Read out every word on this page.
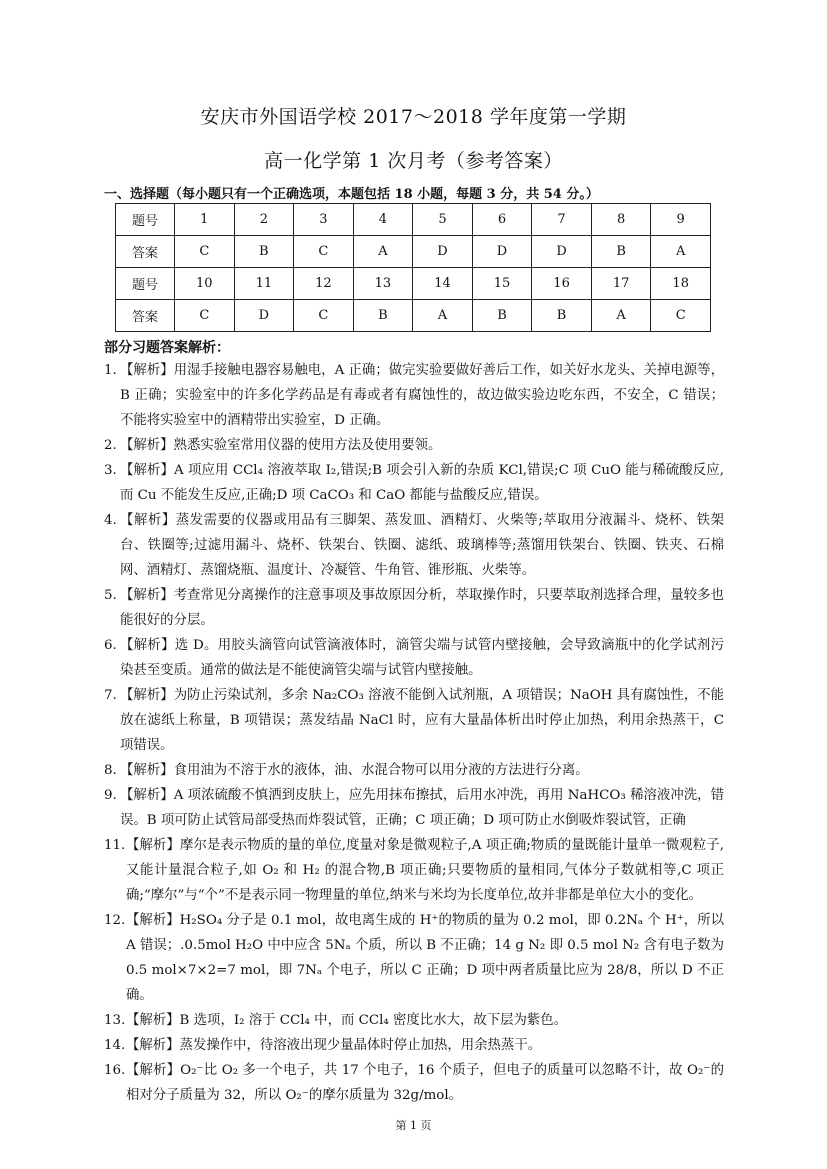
安庆市外国语学校 2017～2018 学年度第一学期
高一化学第 1 次月考（参考答案）
一、选择题（每小题只有一个正确选项，本题包括 18 小题，每题 3 分，共 54 分。）
题号	1	2	3	4	5	6	7	8	9
答案	C	B	C	A	D	D	D	B	A
题号	10	11	12	13	14	15	16	17	18
答案	C	D	C	B	A	B	B	A	C
部分习题答案解析：
1. 【解析】用湿手接触电器容易触电，A 正确；做完实验要做好善后工作，如关好水龙头、关掉电源等，B 正确；实验室中的许多化学药品是有毒或者有腐蚀性的，故边做实验边吃东西，不安全，C 错误；不能将实验室中的酒精带出实验室，D 正确。
2. 【解析】熟悉实验室常用仪器的使用方法及使用要领。
3. 【解析】A 项应用 CCl₄ 溶液萃取 I₂,错误;B 项会引入新的杂质 KCl,错误;C 项 CuO 能与稀硫酸反应,而 Cu 不能发生反应,正确;D 项 CaCO₃ 和 CaO 都能与盐酸反应,错误。
4. 【解析】蒸发需要的仪器或用品有三脚架、蒸发皿、酒精灯、火柴等;萃取用分液漏斗、烧杯、铁架台、铁圈等;过滤用漏斗、烧杯、铁架台、铁圈、滤纸、玻璃棒等;蒸馏用铁架台、铁圈、铁夹、石棉网、酒精灯、蒸馏烧瓶、温度计、冷凝管、牛角管、锥形瓶、火柴等。
5. 【解析】考查常见分离操作的注意事项及事故原因分析，萃取操作时，只要萃取剂选择合理，量较多也能很好的分层。
6. 【解析】选 D。用胶头滴管向试管滴液体时，滴管尖端与试管内壁接触，会导致滴瓶中的化学试剂污染甚至变质。通常的做法是不能使滴管尖端与试管内壁接触。
7. 【解析】为防止污染试剂，多余 Na₂CO₃ 溶液不能倒入试剂瓶，A 项错误；NaOH 具有腐蚀性，不能放在滤纸上称量，B 项错误；蒸发结晶 NaCl 时，应有大量晶体析出时停止加热，利用余热蒸干，C 项错误。
8. 【解析】食用油为不溶于水的液体，油、水混合物可以用分液的方法进行分离。
9. 【解析】A 项浓硫酸不慎洒到皮肤上，应先用抹布擦拭，后用水冲洗，再用 NaHCO₃ 稀溶液冲洗，错误。B 项可防止试管局部受热而炸裂试管，正确；C 项正确；D 项可防止水倒吸炸裂试管，正确
11. 【解析】摩尔是表示物质的量的单位,度量对象是微观粒子,A 项正确;物质的量既能计量单一微观粒子,又能计量混合粒子,如 O₂ 和 H₂ 的混合物,B 项正确;只要物质的量相同,气体分子数就相等,C 项正确;“摩尔”与“个”不是表示同一物理量的单位,纳米与米均为长度单位,故并非都是单位大小的变化。
12. 【解析】H₂SO₄ 分子是 0.1 mol，故电离生成的 H⁺的物质的量为 0.2 mol，即 0.2Nₐ 个 H⁺，所以 A 错误；.0.5mol H₂O 中中应含 5Nₐ 个质，所以 B 不正确；14 g N₂ 即 0.5 mol N₂ 含有电子数为 0.5 mol×7×2=7 mol，即 7Nₐ 个电子，所以 C 正确；D 项中两者质量比应为 28/8，所以 D 不正确。
13. 【解析】B 选项，I₂ 溶于 CCl₄ 中，而 CCl₄ 密度比水大，故下层为紫色。
14. 【解析】蒸发操作中，待溶液出现少量晶体时停止加热，用余热蒸干。
16. 【解析】O₂⁻比 O₂ 多一个电子，共 17 个电子，16 个质子，但电子的质量可以忽略不计，故 O₂⁻的相对分子质量为 32，所以 O₂⁻的摩尔质量为 32g/mol。
第 1 页
